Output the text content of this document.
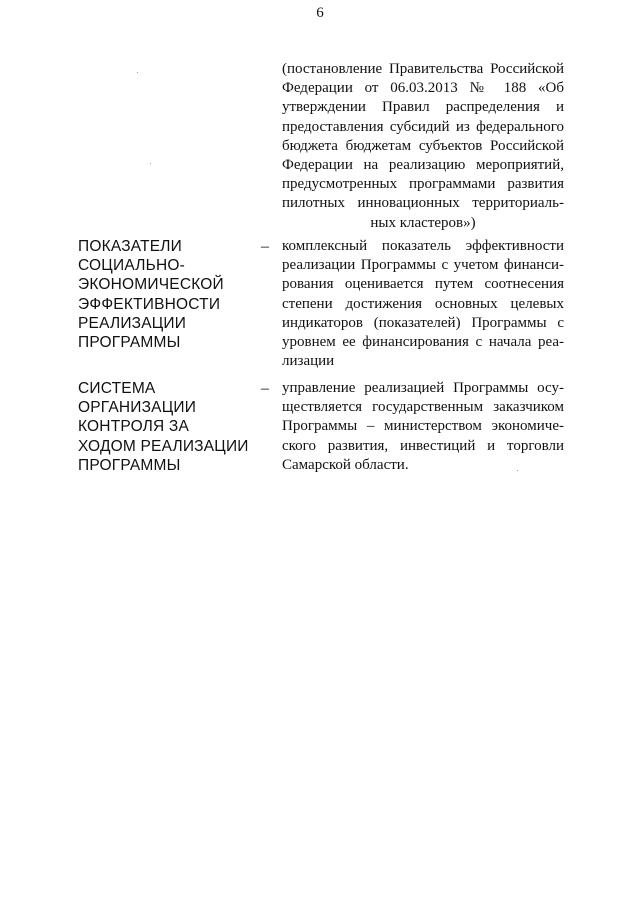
6
(постановление Правительства Российской
Федерации от 06.03.2013 № 188 «Об
утверждении Правил распределения и
предоставления субсидий из федерального
бюджета бюджетам субъектов Российской
Федерации на реализацию мероприятий,
предусмотренных программами развития
пилотных инновационных территориаль-
ных кластеров»)
ПОКАЗАТЕЛИ
СОЦИАЛЬНО-
ЭКОНОМИЧЕСКОЙ
ЭФФЕКТИВНОСТИ
РЕАЛИЗАЦИИ
ПРОГРАММЫ
– комплексный показатель эффективности
реализации Программы с учетом финанси-
рования оценивается путем соотнесения
степени достижения основных целевых
индикаторов (показателей) Программы с
уровнем ее финансирования с начала реа-
лизации
СИСТЕМА
ОРГАНИЗАЦИИ
КОНТРОЛЯ ЗА
ХОДОМ РЕАЛИЗАЦИИ
ПРОГРАММЫ
– управление реализацией Программы осу-
ществляется государственным заказчиком
Программы – министерством экономиче-
ского развития, инвестиций и торговли
Самарской области.
